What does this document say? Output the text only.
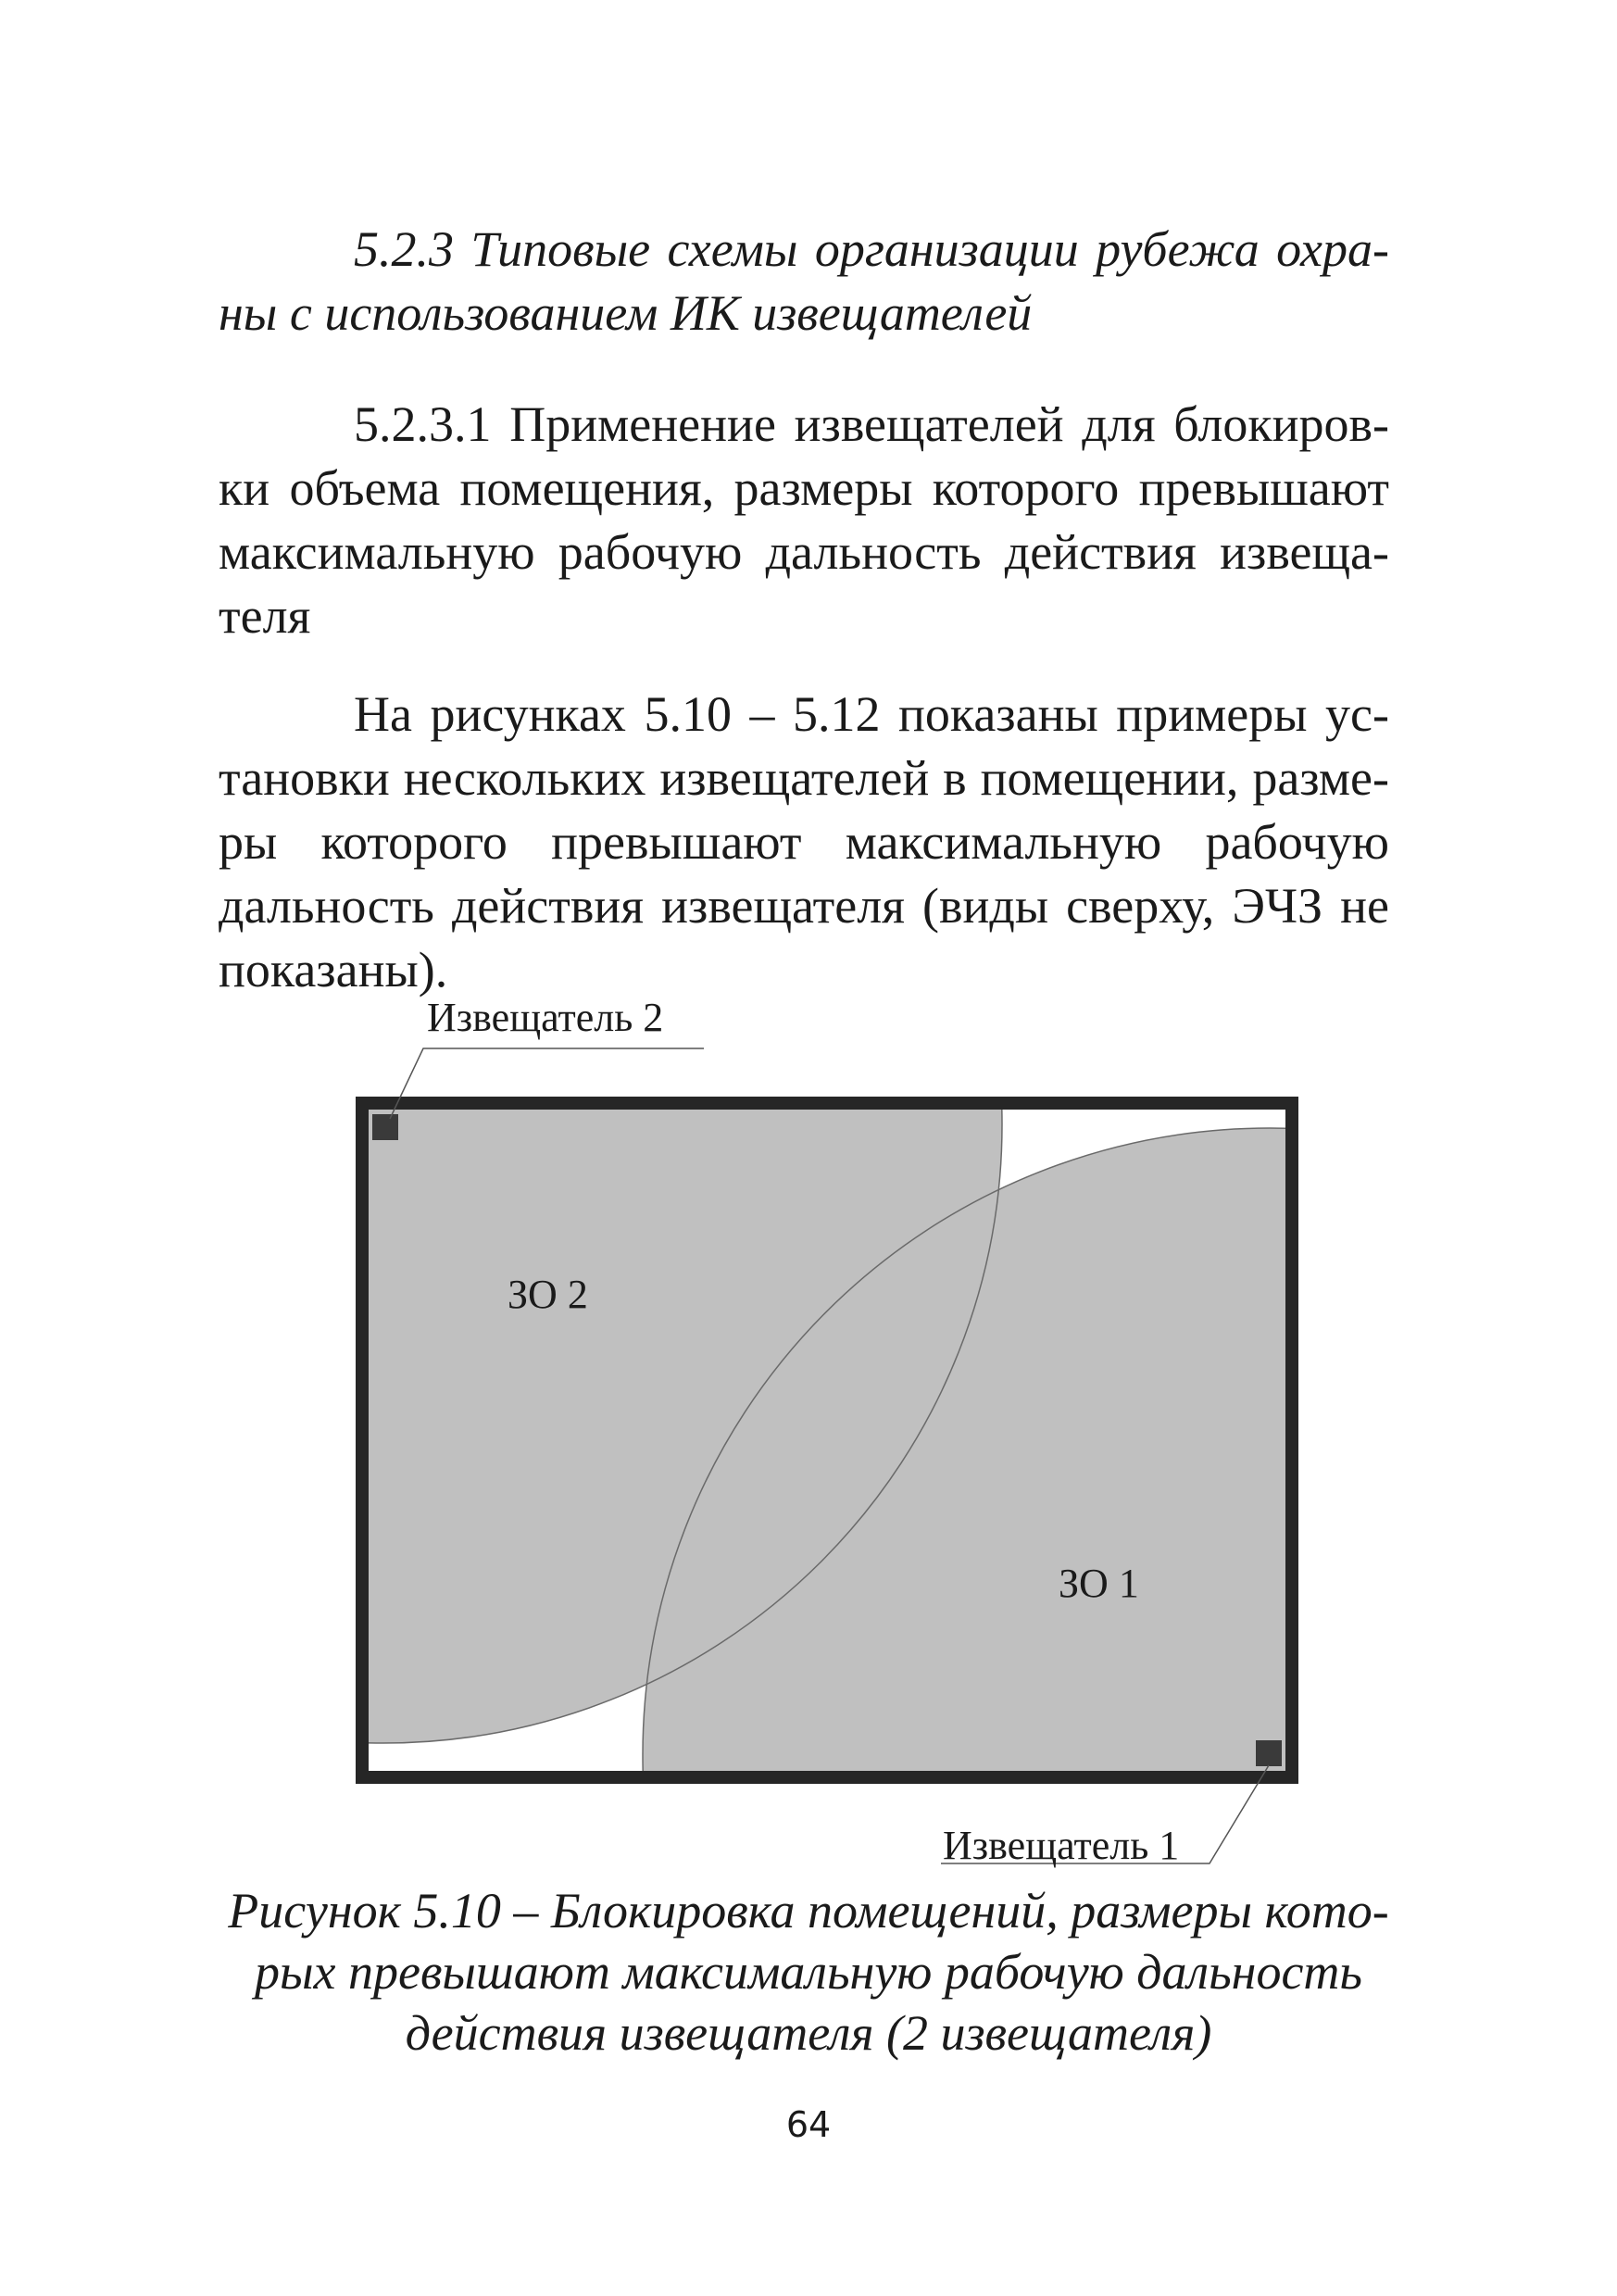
5.2.3 Типовые схемы организации рубежа охра-
ны с использованием ИК извещателей
5.2.3.1 Применение извещателей для блокиров-
ки объема помещения, размеры которого превышают
максимальную рабочую дальность действия извеща-
теля
На рисунках 5.10 – 5.12 показаны примеры ус-
тановки нескольких извещателей в помещении, разме-
ры которого превышают максимальную рабочую
дальность действия извещателя (виды сверху, ЭЧЗ не
показаны).
Извещатель 2
Извещатель 1
ЗО 2
ЗО 1
Рисунок 5.10 – Блокировка помещений, размеры кото-
рых превышают максимальную рабочую дальность
действия извещателя (2 извещателя)
64
